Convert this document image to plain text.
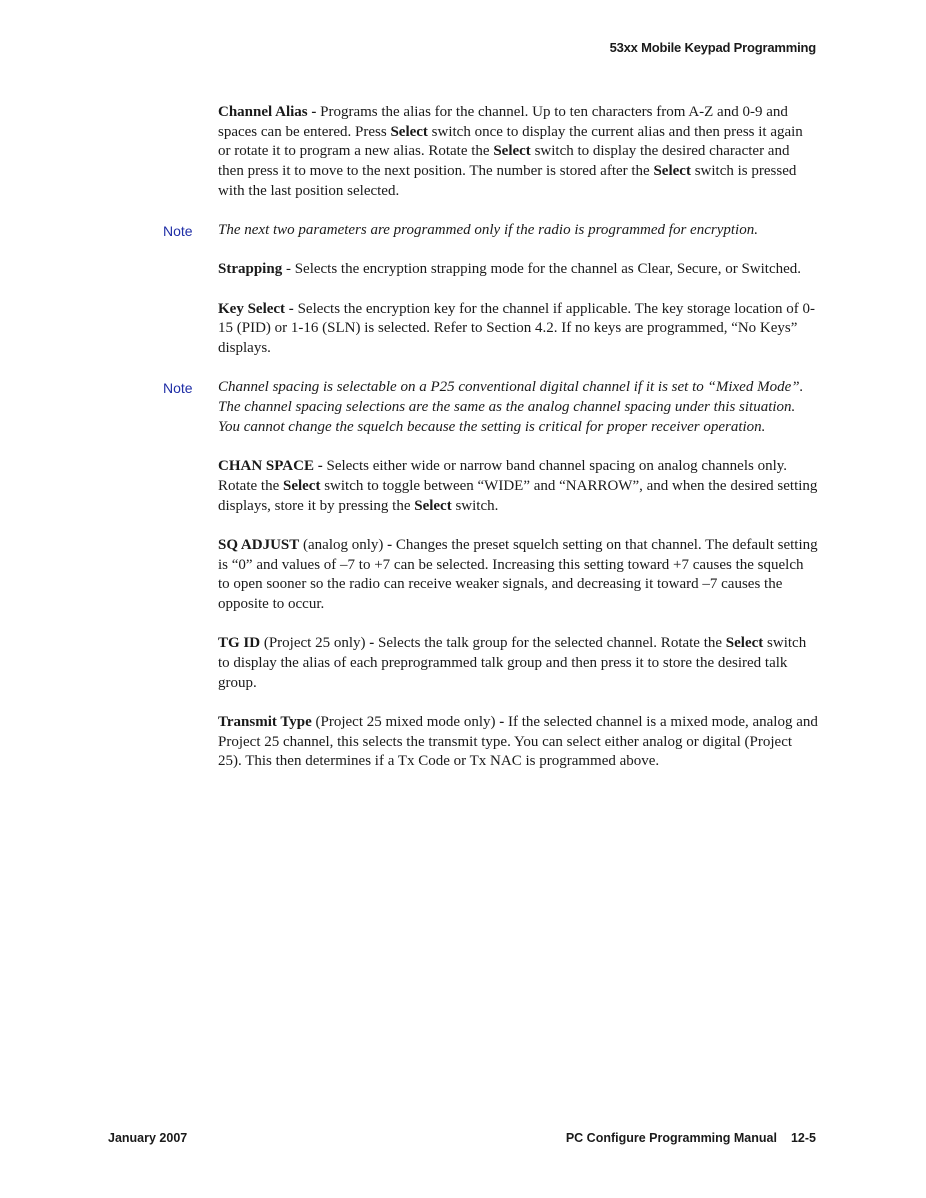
53xx Mobile Keypad Programming

Channel Alias - Programs the alias for the channel. Up to ten characters from A-Z and 0-9 and spaces can be entered. Press Select switch once to display the current alias and then press it again or rotate it to program a new alias. Rotate the Select switch to display the desired character and then press it to move to the next position. The number is stored after the Select switch is pressed with the last position selected.

Note The next two parameters are programmed only if the radio is programmed for encryption.

Strapping - Selects the encryption strapping mode for the channel as Clear, Secure, or Switched.

Key Select - Selects the encryption key for the channel if applicable. The key storage location of 0-15 (PID) or 1-16 (SLN) is selected. Refer to Section 4.2. If no keys are programmed, “No Keys” displays.

Note Channel spacing is selectable on a P25 conventional digital channel if it is set to “Mixed Mode”. The channel spacing selections are the same as the analog channel spacing under this situation. You cannot change the squelch because the setting is critical for proper receiver operation.

CHAN SPACE - Selects either wide or narrow band channel spacing on analog channels only. Rotate the Select switch to toggle between “WIDE” and “NARROW”, and when the desired setting displays, store it by pressing the Select switch.

SQ ADJUST (analog only) - Changes the preset squelch setting on that channel. The default setting is “0” and values of –7 to +7 can be selected. Increasing this setting toward +7 causes the squelch to open sooner so the radio can receive weaker signals, and decreasing it toward –7 causes the opposite to occur.

TG ID (Project 25 only) - Selects the talk group for the selected channel. Rotate the Select switch to display the alias of each preprogrammed talk group and then press it to store the desired talk group.

Transmit Type (Project 25 mixed mode only) - If the selected channel is a mixed mode, analog and Project 25 channel, this selects the transmit type. You can select either analog or digital (Project 25). This then determines if a Tx Code or Tx NAC is programmed above.

January 2007	PC Configure Programming Manual 12-5
